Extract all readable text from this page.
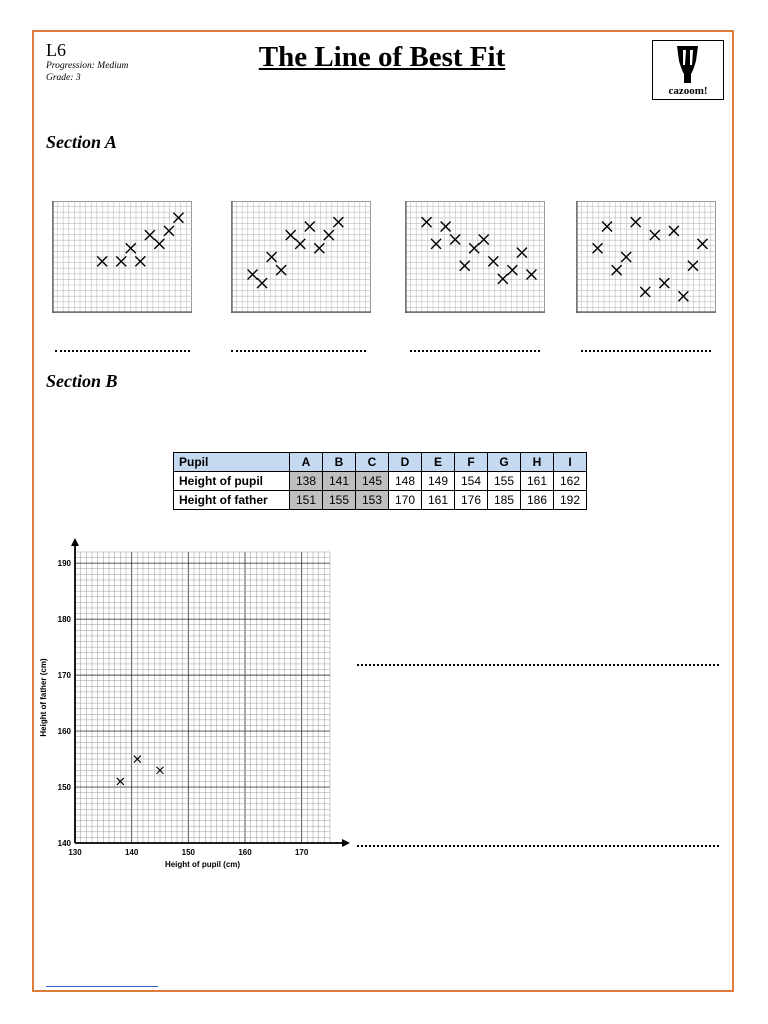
L6
Progression: Medium
Grade: 3
The Line of Best Fit
cazoom!
Section A
Section B
Pupil	A	B	C	D	E	F	G	H	I
Height of pupil	138	141	145	148	149	154	155	161	162
Height of father	151	155	153	170	161	176	185	186	192
130	140	150	160	170
140
150
160
170
180
190
Height of pupil (cm)
Height of father (cm)
